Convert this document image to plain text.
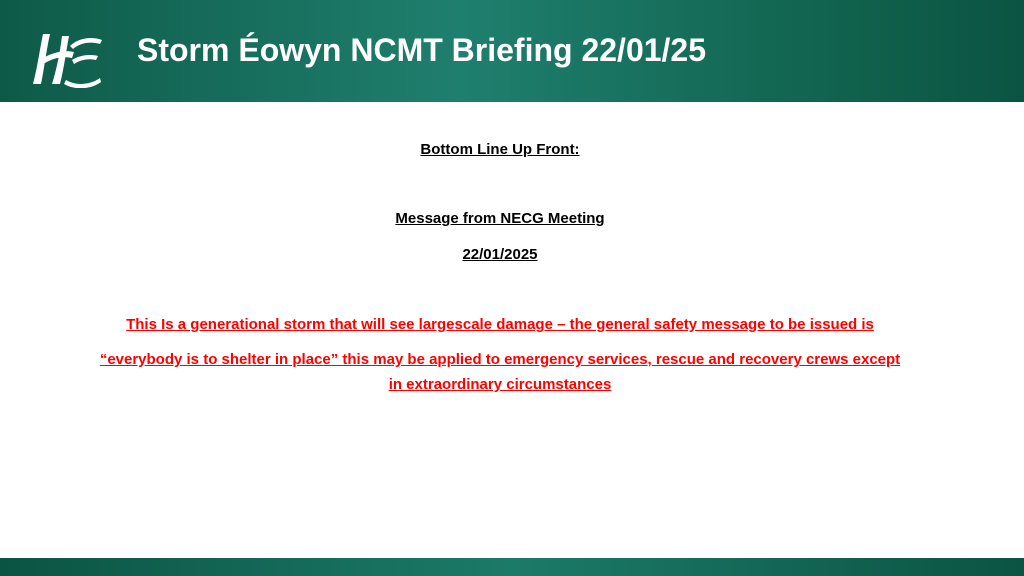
Storm Éowyn NCMT Briefing 22/01/25

Bottom Line Up Front:

Message from NECG Meeting

22/01/2025

This Is a generational storm that will see largescale damage – the general safety message to be issued is

“everybody is to shelter in place” this may be applied to emergency services, rescue and recovery crews except

in extraordinary circumstances
